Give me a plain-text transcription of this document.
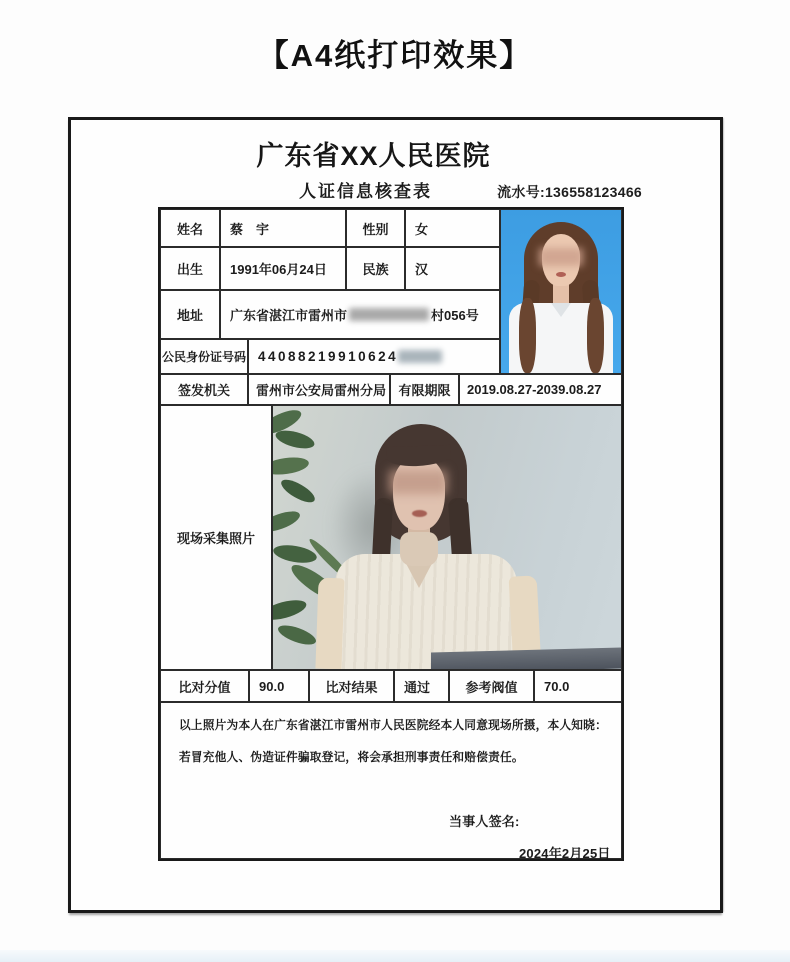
【A4纸打印效果】
广东省XX人民医院
人证信息核查表	流水号:136558123466
姓名	蔡　宇	性别	女
出生	1991年06月24日	民族	汉
地址	广东省湛江市雷州市	村056号
公民身份证号码 44088219910624
签发机关	雷州市公安局雷州分局 有限期限	2019.08.27-2039.08.27
现场采集照片
比对分值	90.0	比对结果	通过	参考阀值	70.0
以上照片为本人在广东省湛江市雷州市人民医院经本人同意现场所摄，本人知晓：
若冒充他人、伪造证件骗取登记，将会承担刑事责任和赔偿责任。
当事人签名:
2024年2月25日
